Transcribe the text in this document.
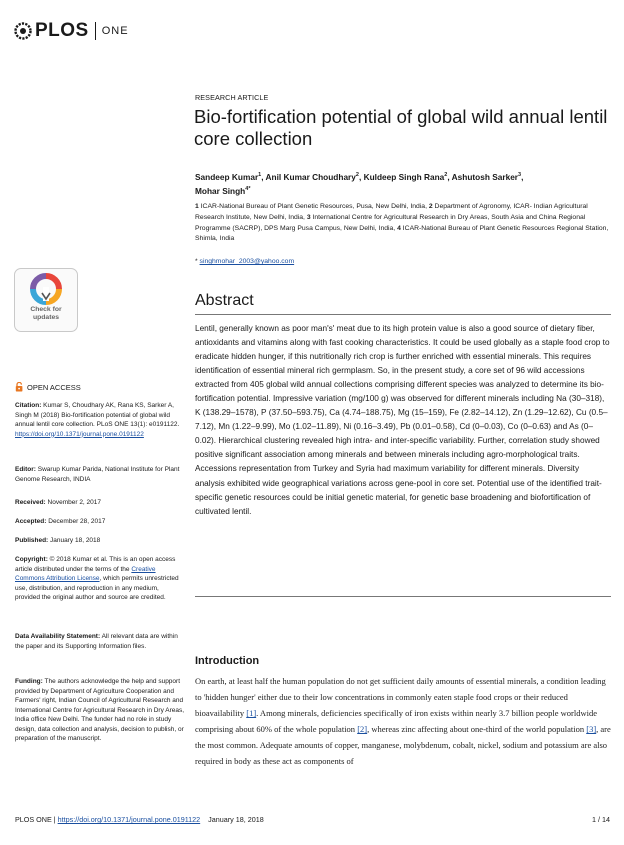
PLOS ONE
RESEARCH ARTICLE
Bio-fortification potential of global wild annual lentil core collection
Sandeep Kumar$^1$, Anil Kumar Choudhary$^2$, Kuldeep Singh Rana$^2$, Ashutosh Sarker$^3$,
Mohar Singh$^{4*}$
1 ICAR-National Bureau of Plant Genetic Resources, Pusa, New Delhi, India, 2 Department of Agronomy, ICAR- Indian Agricultural Research Institute, New Delhi, India, 3 International Centre for Agricultural Research in Dry Areas, South Asia and China Regional Programme (SACRP), DPS Marg Pusa Campus, New Delhi, India, 4 ICAR-National Bureau of Plant Genetic Resources Regional Station, Shimla, India
* singhmohar_2003@yahoo.com
Abstract
Lentil, generally known as poor man's' meat due to its high protein value is also a good source of dietary fiber, antioxidants and vitamins along with fast cooking characteristics. It could be used globally as a staple food crop to eradicate hidden hunger, if this nutritionally rich crop is further enriched with essential minerals. This requires identification of essential mineral rich germplasm. So, in the present study, a core set of 96 wild accessions extracted from 405 global wild annual collections comprising different species was analyzed to determine its bio-fortification potential. Impressive variation (mg/100 g) was observed for different minerals including Na (30–318), K (138.29–1578), P (37.50–593.75), Ca (4.74–188.75), Mg (15–159), Fe (2.82–14.12), Zn (1.29–12.62), Cu (0.5–7.12), Mn (1.22–9.99), Mo (1.02–11.89), Ni (0.16–3.49), Pb (0.01–0.58), Cd (0–0.03), Co (0–0.63) and As (0–0.02). Hierarchical clustering revealed high intra- and inter-specific variability. Further, correlation study showed positive significant association among minerals and between minerals including agro-morphological traits. Accessions representation from Turkey and Syria had maximum variability for different minerals. Diversity analysis exhibited wide geographical variations across gene-pool in core set. Potential use of the identified trait-specific genetic resources could be initial genetic material, for genetic base broadening and biofortification of cultivated lentil.
Introduction
On earth, at least half the human population do not get sufficient daily amounts of essential minerals, a condition leading to 'hidden hunger' either due to their low concentrations in commonly eaten staple food crops or their reduced bioavailability [1]. Among minerals, deficiencies specifically of iron exists within nearly 3.7 billion people worldwide comprising about 60% of the whole population [2], whereas zinc affecting about one-third of the world population [3], are the most common. Adequate amounts of copper, manganese, molybdenum, cobalt, nickel, sodium and potassium are also required in body as these act as components of
Check for
updates
OPEN ACCESS
Citation: Kumar S, Choudhary AK, Rana KS, Sarker A, Singh M (2018) Bio-fortification potential of global wild annual lentil core collection. PLoS ONE 13(1): e0191122. https://doi.org/10.1371/journal.pone.0191122
Editor: Swarup Kumar Parida, National Institute for Plant Genome Research, INDIA
Received: November 2, 2017
Accepted: December 28, 2017
Published: January 18, 2018
Copyright: © 2018 Kumar et al. This is an open access article distributed under the terms of the Creative Commons Attribution License, which permits unrestricted use, distribution, and reproduction in any medium, provided the original author and source are credited.
Data Availability Statement: All relevant data are within the paper and its Supporting Information files.
Funding: The authors acknowledge the help and support provided by Department of Agriculture Cooperation and Farmers' right, Indian Council of Agricultural Research and International Centre for Agricultural Research in Dry Areas, India office New Delhi. The funder had no role in study design, data collection and analysis, decision to publish, or preparation of the manuscript.
PLOS ONE | https://doi.org/10.1371/journal.pone.0191122 January 18, 2018	1 / 14
